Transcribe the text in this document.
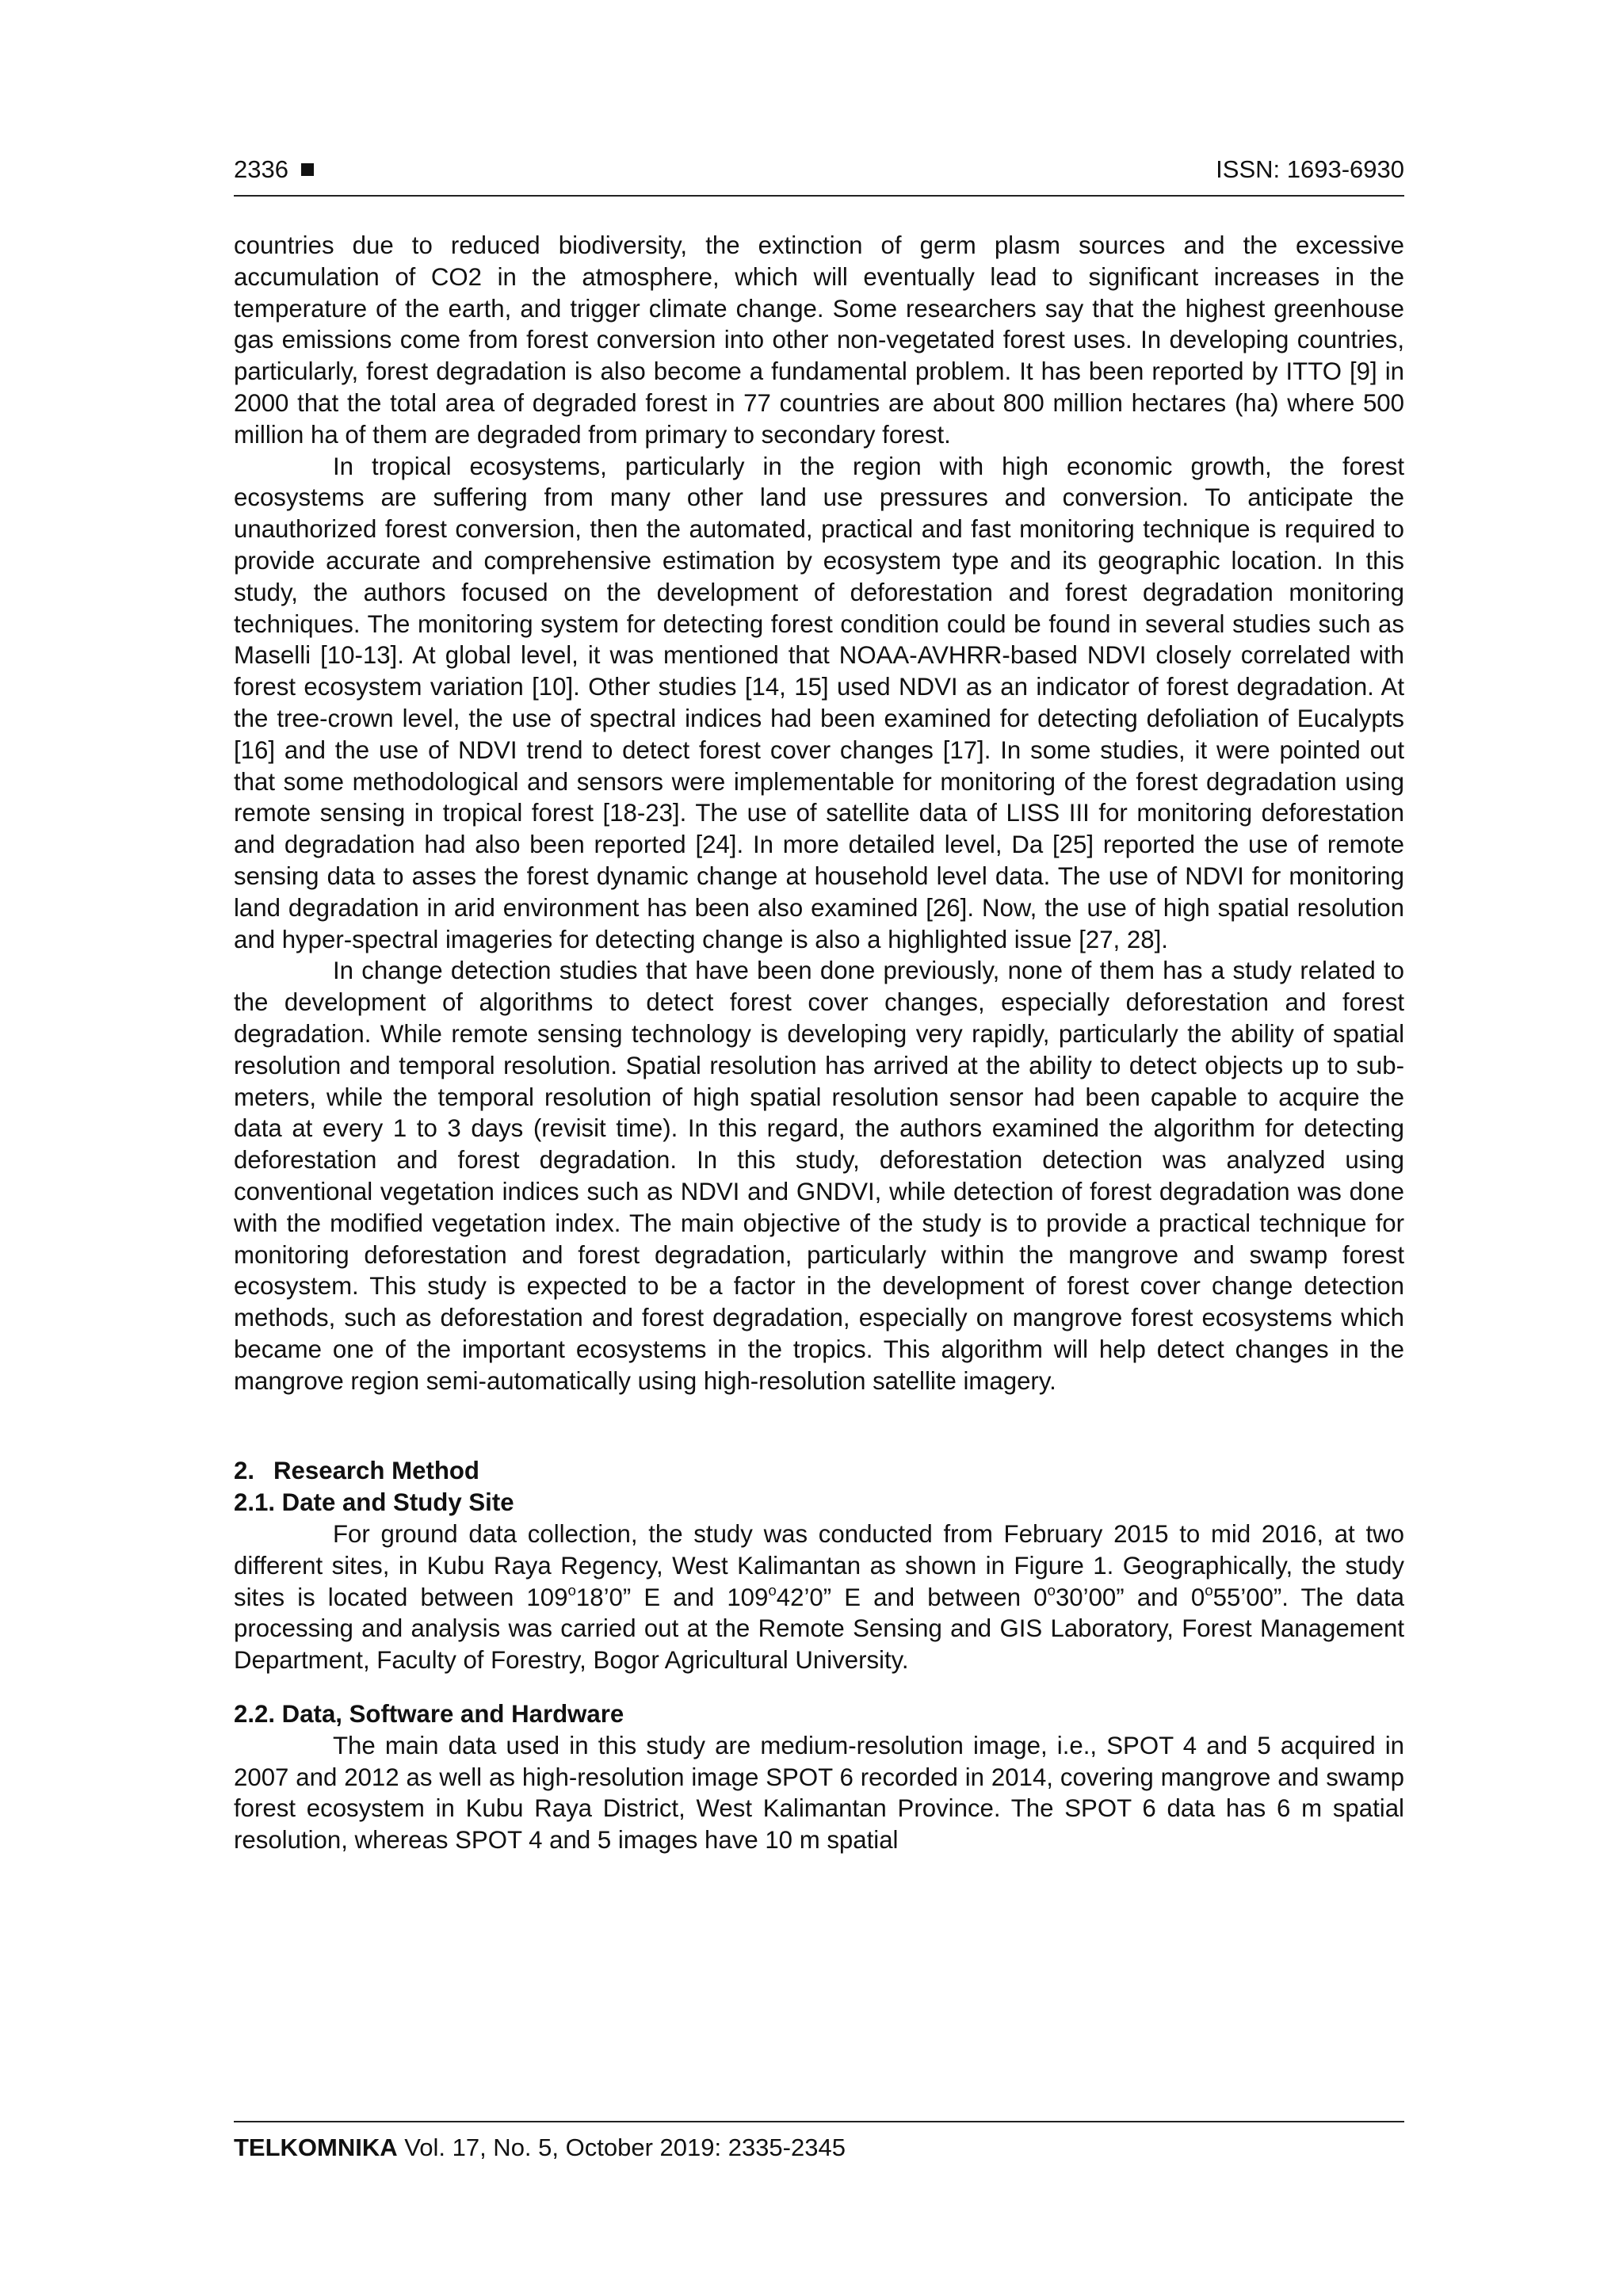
2336	ISSN: 1693-6930

countries due to reduced biodiversity, the extinction of germ plasm sources and the excessive accumulation of CO2 in the atmosphere, which will eventually lead to significant increases in the temperature of the earth, and trigger climate change. Some researchers say that the highest greenhouse gas emissions come from forest conversion into other non-vegetated forest uses. In developing countries, particularly, forest degradation is also become a fundamental problem. It has been reported by ITTO [9] in 2000 that the total area of degraded forest in 77 countries are about 800 million hectares (ha) where 500 million ha of them are degraded from primary to secondary forest.

In tropical ecosystems, particularly in the region with high economic growth, the forest ecosystems are suffering from many other land use pressures and conversion. To anticipate the unauthorized forest conversion, then the automated, practical and fast monitoring technique is required to provide accurate and comprehensive estimation by ecosystem type and its geographic location. In this study, the authors focused on the development of deforestation and forest degradation monitoring techniques. The monitoring system for detecting forest condition could be found in several studies such as Maselli [10-13]. At global level, it was mentioned that NOAA-AVHRR-based NDVI closely correlated with forest ecosystem variation [10]. Other studies [14, 15] used NDVI as an indicator of forest degradation. At the tree-crown level, the use of spectral indices had been examined for detecting defoliation of Eucalypts [16] and the use of NDVI trend to detect forest cover changes [17]. In some studies, it were pointed out that some methodological and sensors were implementable for monitoring of the forest degradation using remote sensing in tropical forest [18-23]. The use of satellite data of LISS III for monitoring deforestation and degradation had also been reported [24]. In more detailed level, Da [25] reported the use of remote sensing data to asses the forest dynamic change at household level data. The use of NDVI for monitoring land degradation in arid environment has been also examined [26]. Now, the use of high spatial resolution and hyper-spectral imageries for detecting change is also a highlighted issue [27, 28].

In change detection studies that have been done previously, none of them has a study related to the development of algorithms to detect forest cover changes, especially deforestation and forest degradation. While remote sensing technology is developing very rapidly, particularly the ability of spatial resolution and temporal resolution. Spatial resolution has arrived at the ability to detect objects up to sub-meters, while the temporal resolution of high spatial resolution sensor had been capable to acquire the data at every 1 to 3 days (revisit time). In this regard, the authors examined the algorithm for detecting deforestation and forest degradation. In this study, deforestation detection was analyzed using conventional vegetation indices such as NDVI and GNDVI, while detection of forest degradation was done with the modified vegetation index. The main objective of the study is to provide a practical technique for monitoring deforestation and forest degradation, particularly within the mangrove and swamp forest ecosystem. This study is expected to be a factor in the development of forest cover change detection methods, such as deforestation and forest degradation, especially on mangrove forest ecosystems which became one of the important ecosystems in the tropics. This algorithm will help detect changes in the mangrove region semi-automatically using high-resolution satellite imagery.

2. Research Method

2.1. Date and Study Site

For ground data collection, the study was conducted from February 2015 to mid 2016, at two different sites, in Kubu Raya Regency, West Kalimantan as shown in Figure 1. Geographically, the study sites is located between 109$^o$18’0” E and 109$^o$42’0” E and between 0$^o$30’00” and 0$^o$55’00”. The data processing and analysis was carried out at the Remote Sensing and GIS Laboratory, Forest Management Department, Faculty of Forestry, Bogor Agricultural University.

2.2. Data, Software and Hardware

The main data used in this study are medium-resolution image, i.e., SPOT 4 and 5 acquired in 2007 and 2012 as well as high-resolution image SPOT 6 recorded in 2014, covering mangrove and swamp forest ecosystem in Kubu Raya District, West Kalimantan Province. The SPOT 6 data has 6 m spatial resolution, whereas SPOT 4 and 5 images have 10 m spatial

TELKOMNIKA Vol. 17, No. 5, October 2019: 2335-2345
